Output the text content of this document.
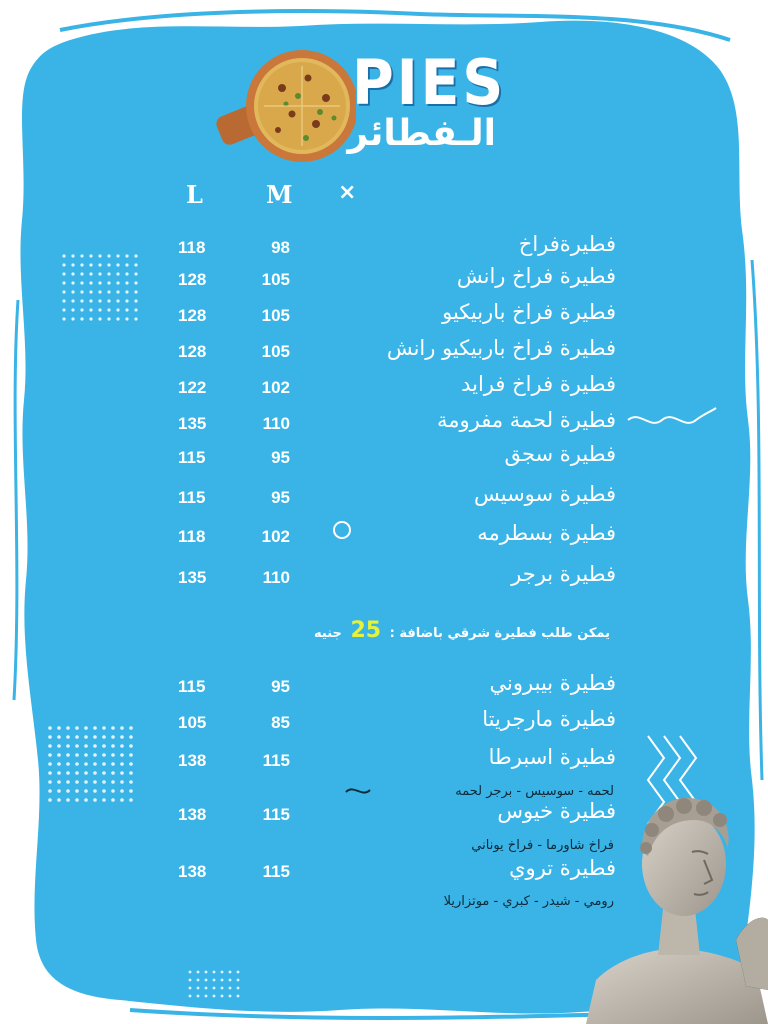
PIES
الـفطائر
L	M ×
118	98	فطيرةفراخ
128	105	فطيرة فراخ رانش
128	105	فطيرة فراخ باربيكيو
128	105	فطيرة فراخ باربيكيو رانش
122	102	فطيرة فراخ فرايد
135	110	فطيرة لحمة مفرومة
115	95	فطيرة سجق
115	95	فطيرة سوسيس
118	102	فطيرة بسطرمه
135	110	فطيرة برجر
يمكن طلب فطيرة شرقي باضافة : 25 جنيه
115	95	فطيرة بيبروني
105	85	فطيرة مارجريتا
138	115	فطيرة اسبرطا
لحمه - سوسيس - برجر لحمه
138	115	فطيرة خيوس
فراخ شاورما - فراخ يوناني
138	115	فطيرة تروي
رومي - شيدر - كبري - موتزاريلا
